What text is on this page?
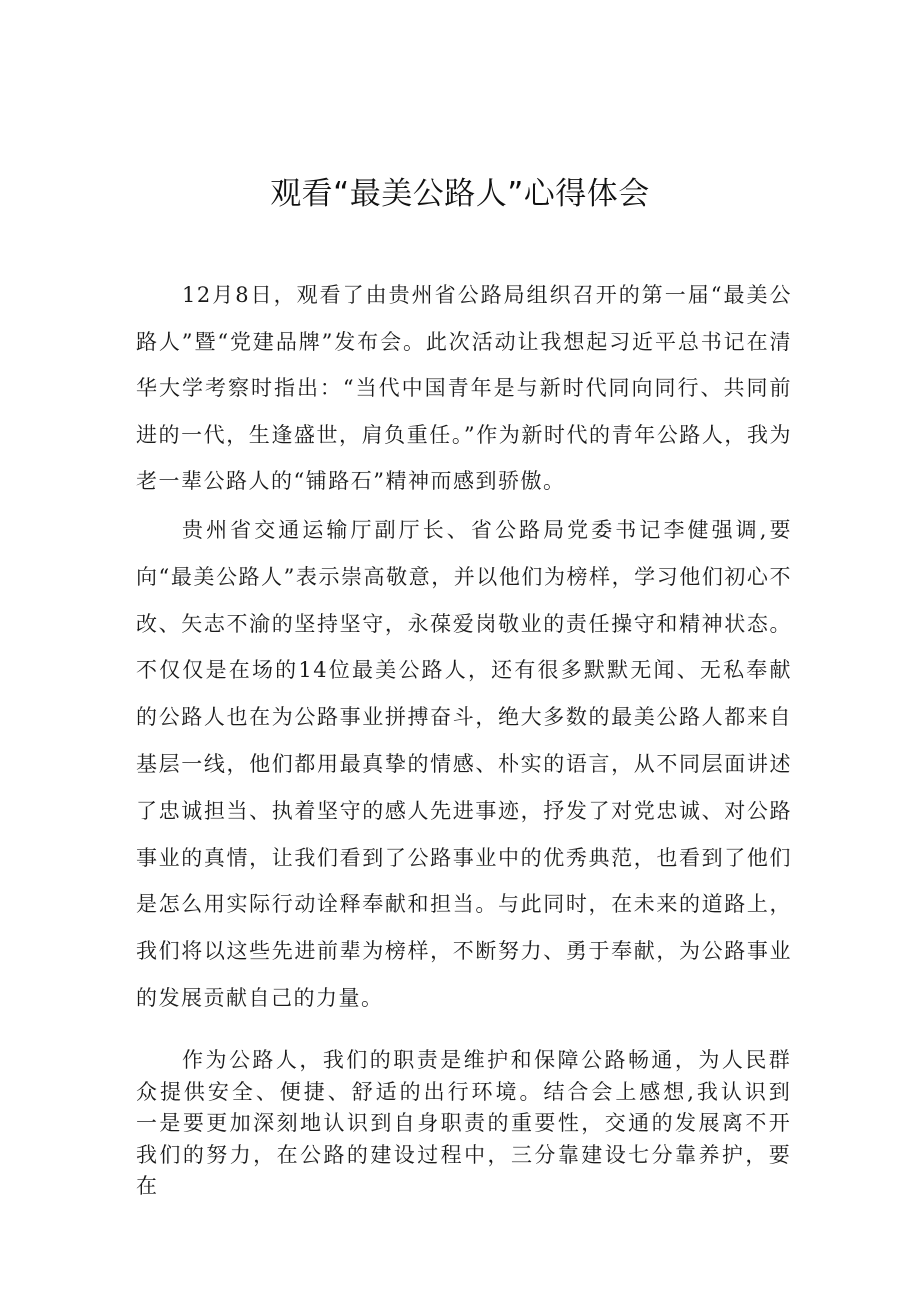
观看“最美公路人”心得体会

12月8日，观看了由贵州省公路局组织召开的第一届“最美公路人”暨“党建品牌”发布会。此次活动让我想起习近平总书记在清华大学考察时指出：“当代中国青年是与新时代同向同行、共同前进的一代，生逢盛世，肩负重任。”作为新时代的青年公路人，我为老一辈公路人的“铺路石”精神而感到骄傲。

贵州省交通运输厅副厅长、省公路局党委书记李健强调,要向“最美公路人”表示崇高敬意，并以他们为榜样，学习他们初心不改、矢志不渝的坚持坚守，永葆爱岗敬业的责任操守和精神状态。不仅仅是在场的14位最美公路人，还有很多默默无闻、无私奉献的公路人也在为公路事业拼搏奋斗，绝大多数的最美公路人都来自基层一线，他们都用最真挚的情感、朴实的语言，从不同层面讲述了忠诚担当、执着坚守的感人先进事迹，抒发了对党忠诚、对公路事业的真情，让我们看到了公路事业中的优秀典范，也看到了他们是怎么用实际行动诠释奉献和担当。与此同时，在未来的道路上，我们将以这些先进前辈为榜样，不断努力、勇于奉献，为公路事业的发展贡献自己的力量。

作为公路人，我们的职责是维护和保障公路畅通，为人民群众提供安全、便捷、舒适的出行环境。结合会上感想,我认识到一是要更加深刻地认识到自身职责的重要性，交通的发展离不开我们的努力，在公路的建设过程中，三分靠建设七分靠养护，要在
